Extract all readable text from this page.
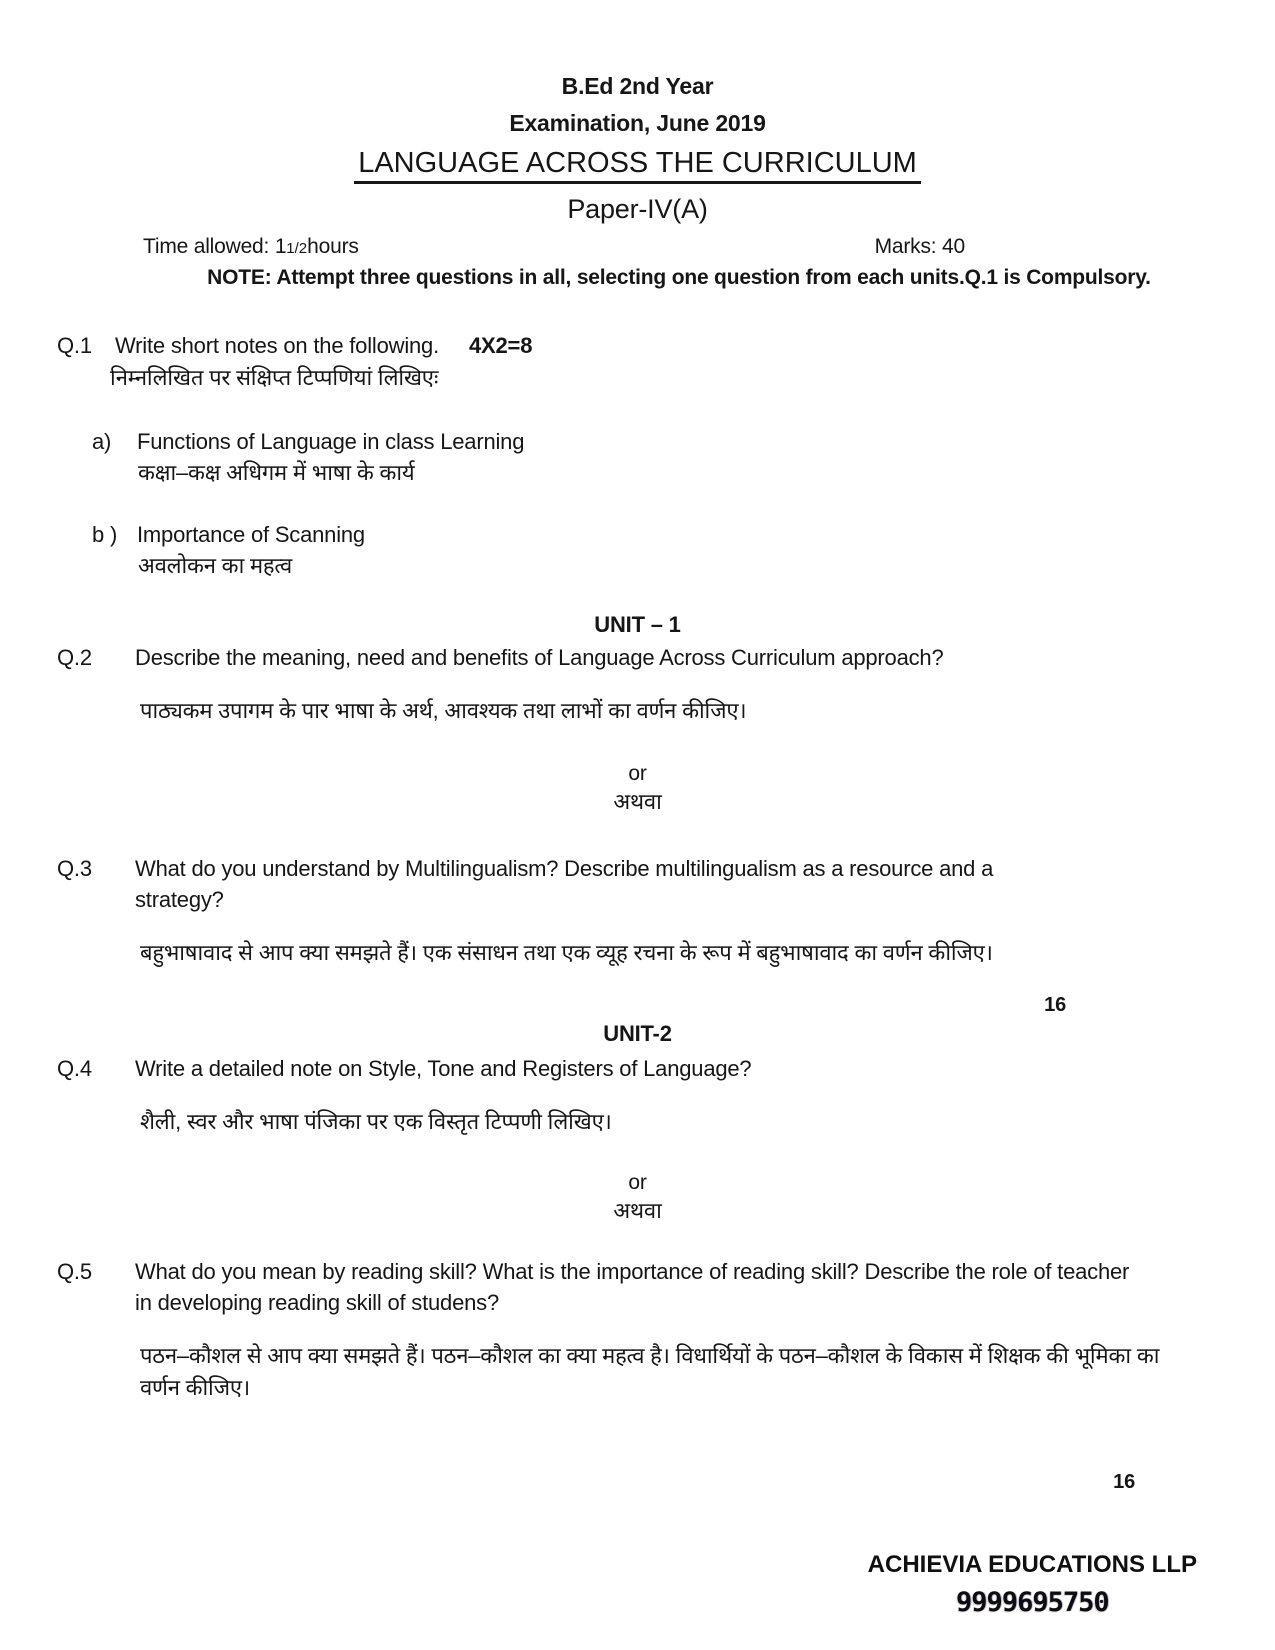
B.Ed 2nd Year
Examination, June 2019
LANGUAGE ACROSS THE CURRICULUM
Paper-IV(A)
Time allowed: 11/2hours	Marks: 40
NOTE: Attempt three questions in all, selecting one question from each units.Q.1 is Compulsory.
Q.1	Write short notes on the following. 4X2=8
निम्नलिखित पर संक्षिप्त टिप्पणियां लिखिएः
a)	Functions of Language in class Learning
कक्षा–कक्ष अधिगम में भाषा के कार्य
b ) Importance of Scanning
अवलोकन का महत्व
UNIT – 1
Q.2	Describe the meaning, need and benefits of Language Across Curriculum approach?
पाठ्यकम उपागम के पार भाषा के अर्थ, आवश्यक तथा लाभों का वर्णन कीजिए।
or
अथवा
Q.3	What do you understand by Multilingualism? Describe multilingualism as a resource and a strategy?
बहुभाषावाद से आप क्या समझते हैं। एक संसाधन तथा एक व्यूह रचना के रूप में बहुभाषावाद का वर्णन कीजिए।
16
UNIT-2
Q.4	Write a detailed note on Style, Tone and Registers of Language?
शैली, स्वर और भाषा पंजिका पर एक विस्तृत टिप्पणी लिखिए।
or
अथवा
Q.5	What do you mean by reading skill? What is the importance of reading skill? Describe the role of teacher in developing reading skill of studens?
पठन–कौशल से आप क्या समझते हैं। पठन–कौशल का क्या महत्व है। विधार्थियों के पठन–कौशल के विकास में शिक्षक की भूमिका का वर्णन कीजिए।
16
ACHIEVIA EDUCATIONS LLP
9999695750
